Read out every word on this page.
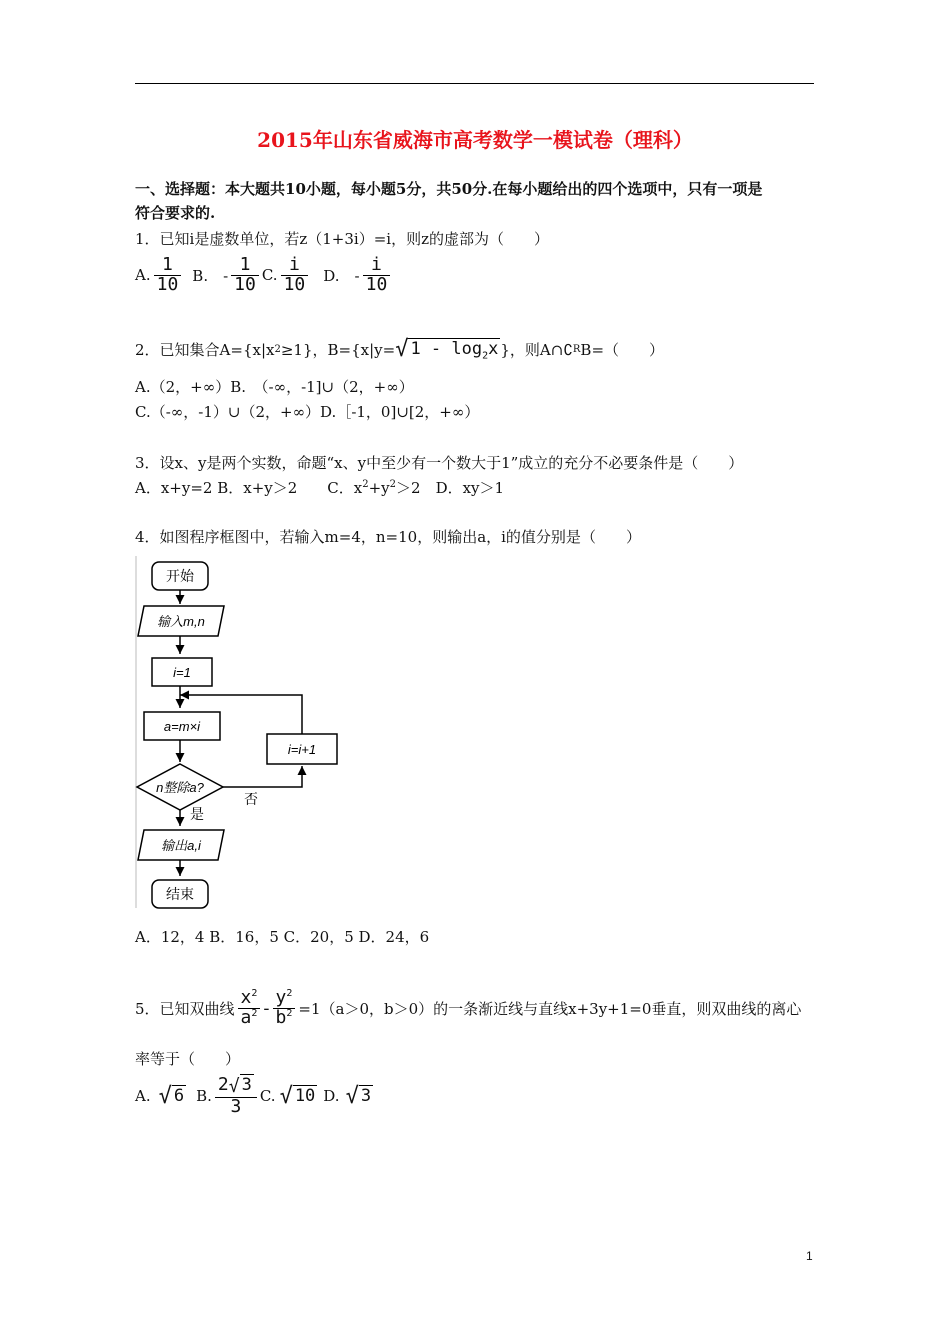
2015年山东省威海市高考数学一模试卷（理科）
一、选择题：本大题共10小题，每小题5分，共50分.在每小题给出的四个选项中，只有一项是
符合要求的.
1．已知i是虚数单位，若z（1+3i）=i，则z的虚部为（　　）
A. $\frac{1}{10} B$.　- $\frac{1}{10} C$. $\frac{i}{10} D$.　- $\frac{i}{10}$
2．已知集合A={x|x 2 ≥1}，B={x|y= √ $1 - \log_2x$ }，则A∩∁ R B=（　　）
A.（2，+∞）B.　（-∞，-1]∪（2，+∞）
C.（-∞，-1）∪（2，+∞）D.［-1，0]∪[2，+∞）
3．设x、y是两个实数，命题“x、y中至少有一个数大于1”成立的充分不必要条件是（　　）
A．x+y=2 B．x+y＞2　　C．$x^2+y^2>2$　D．xy＞1
4．如图程序框图中，若输入m=4，n=10，则输出a，i的值分别是（　　）
开始
输入m,n
i=1
a=m×i
i=i+1
n整除a?
否
是
输出a,i
结束
A．12，4 B．16，5 C．20，5 D．24，6
5．已知双曲线 $\frac{x^2}{a^2} - \frac{y^2}{b^2} =1(a>0$，b＞0）的一条渐近线与直线x+3y+1=0垂直，则双曲线的离心
率等于（　　）
A. √ 6 B. $\frac{2√ 3}{3} C$. √ 10 D. √ 3
1
